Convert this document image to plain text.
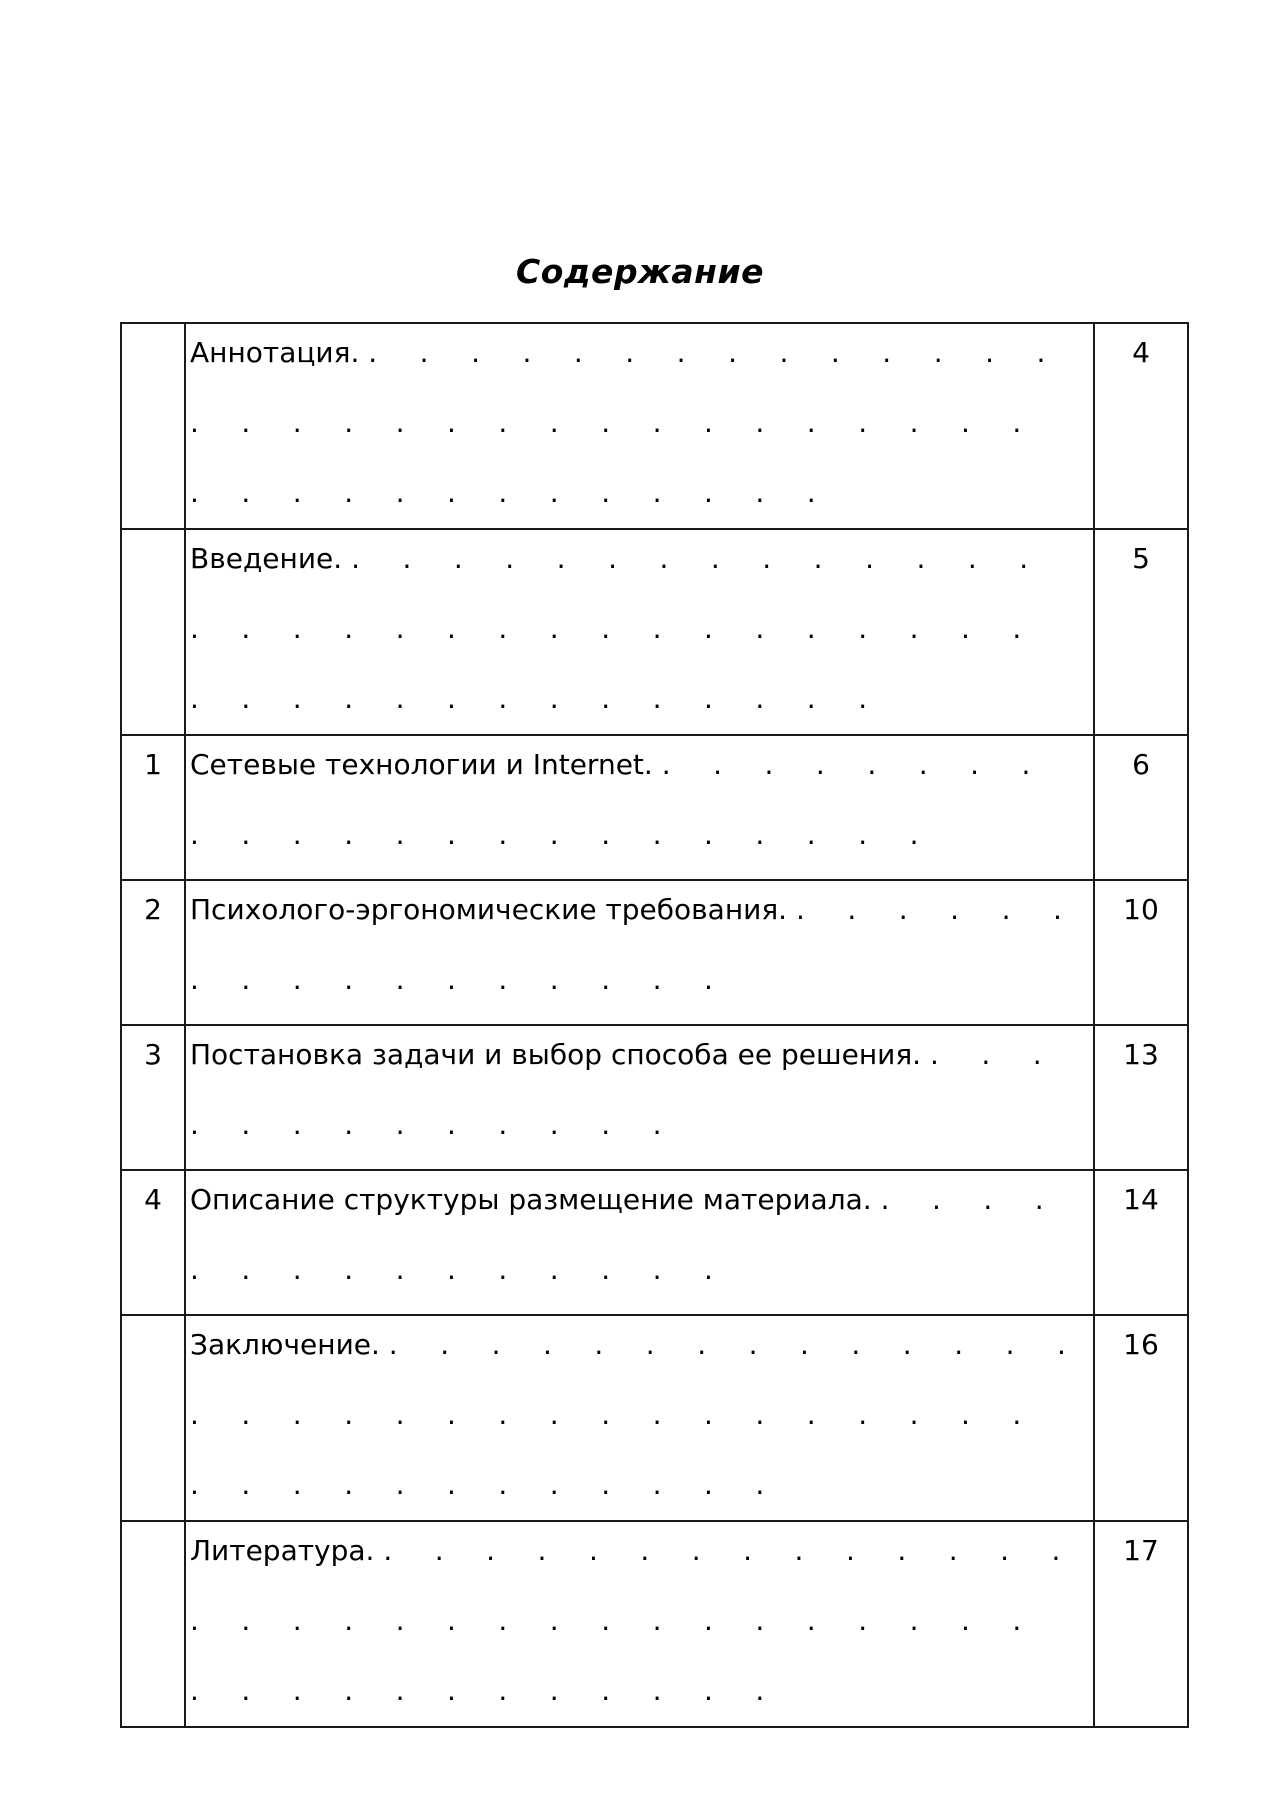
Содержание

	Аннотация. . . . . . . . . . . . . . . . . . . . . . . . . . . . . . . . . . . . . . . . . . . . .	4

	Введение. . . . . . . . . . . . . . . . . . . . . . . . . . . . . . . . . . . . . . . . . . . . . .	5

1	Сетевые технологии и Internet. . . . . . . . . . . . . . . . . . . . . . . .	6

2	Психолого-эргономические требования. . . . . . . . . . . . . . . . . .	10

3	Постановка задачи и выбор способа ее решения. . . . . . . . . . . . . .	13

4	Описание структуры размещение материала. . . . . . . . . . . . . . . .	14

	Заключение. . . . . . . . . . . . . . . . . . . . . . . . . . . . . . . . . . . . . . . . . . . .	16

	Литература. . . . . . . . . . . . . . . . . . . . . . . . . . . . . . . . . . . . . . . . . . . .	17
